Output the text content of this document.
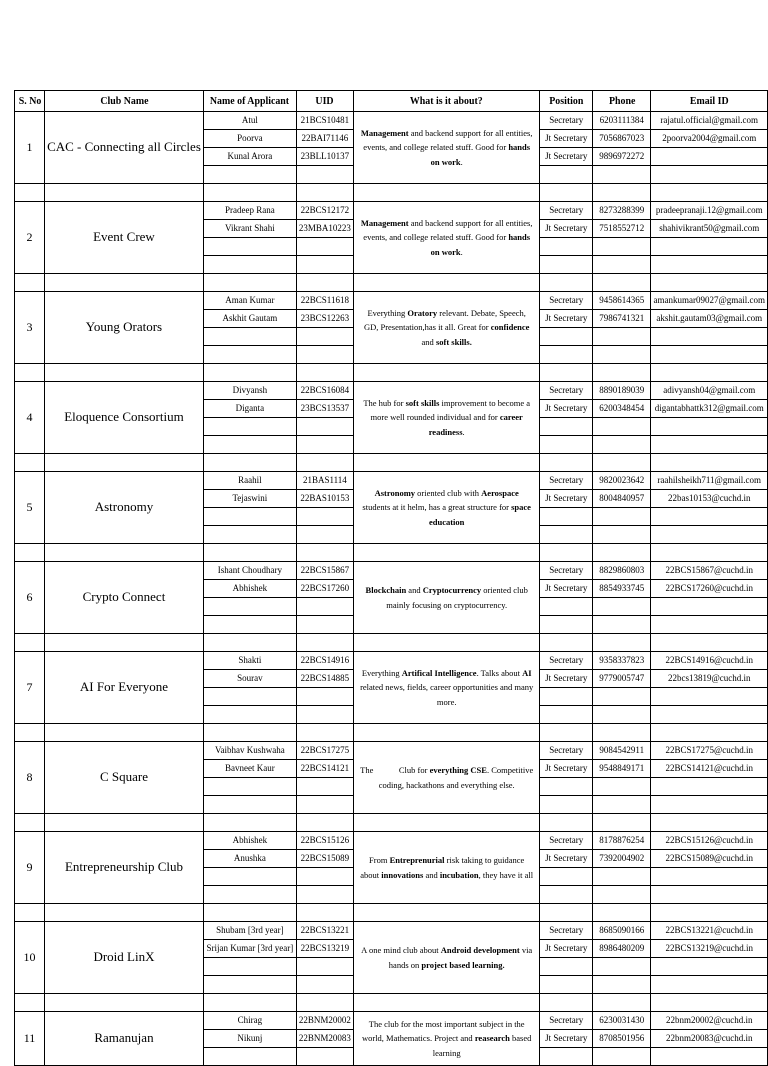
S. No	Club Name	Name of Applicant	UID	What is it about?	Position	Phone	Email ID
1	CAC - Connecting all Circles	Atul	21BCS10481	Management and backend support for all entities, events, and college related stuff. Good for hands on work.	Secretary	6203111384	rajatul.official@gmail.com
		Poorva	22BAI71146		Jt Secretary	7056867023	2poorva2004@gmail.com
		Kunal Arora	23BLL10137		Jt Secretary	9896972272	

2	Event Crew	Pradeep Rana	22BCS12172	Management and backend support for all entities, events, and college related stuff. Good for hands on work.	Secretary	8273288399	pradeepranaji.12@gmail.com
		Vikrant Shahi	23MBA10223		Jt Secretary	7518552712	shahivikrant50@gmail.com

3	Young Orators	Aman Kumar	22BCS11618	Everything Oratory relevant. Debate, Speech, GD, Presentation,has it all. Great for confidence and soft skills.	Secretary	9458614365	amankumar09027@gmail.com
		Askhit Gautam	23BCS12263		Jt Secretary	7986741321	akshit.gautam03@gmail.com

4	Eloquence Consortium	Divyansh	22BCS16084	The hub for soft skills improvement to become a more well rounded individual and for career readiness.	Secretary	8890189039	adivyansh04@gmail.com
		Diganta	23BCS13537		Jt Secretary	6200348454	digantabhattk312@gmail.com

5	Astronomy	Raahil	21BAS1114	Astronomy oriented club with Aerospace students at it helm, has a great structure for space education	Secretary	9820023642	raahilsheikh711@gmail.com
		Tejaswini	22BAS10153		Jt Secretary	8004840957	22bas10153@cuchd.in

6	Crypto Connect	Ishant Choudhary	22BCS15867	Blockchain and Cryptocurrency oriented club mainly focusing on cryptocurrency.	Secretary	8829860803	22BCS15867@cuchd.in
		Abhishek	22BCS17260		Jt Secretary	8854933745	22BCS17260@cuchd.in

7	AI For Everyone	Shakti	22BCS14916	Everything Artifical Intelligence. Talks about AI related news, fields, career opportunities and many more.	Secretary	9358337823	22BCS14916@cuchd.in
		Sourav	22BCS14885		Jt Secretary	9779005747	22bcs13819@cuchd.in

8	C Square	Vaibhav Kushwaha	22BCS17275	The            Club for everything CSE. Competitive coding, hackathons and everything else.	Secretary	9084542911	22BCS17275@cuchd.in
		Bavneet Kaur	22BCS14121		Jt Secretary	9548849171	22BCS14121@cuchd.in

9	Entrepreneurship Club	Abhishek	22BCS15126	From Entreprenurial risk taking to guidance about innovations and incubation, they have it all	Secretary	8178876254	22BCS15126@cuchd.in
		Anushka	22BCS15089		Jt Secretary	7392004902	22BCS15089@cuchd.in

10	Droid LinX	Shubam [3rd year]	22BCS13221	A one mind club about Android development via hands on project based learning.	Secretary	8685090166	22BCS13221@cuchd.in
		Srijan Kumar [3rd year]	22BCS13219		Jt Secretary	8986480209	22BCS13219@cuchd.in

11	Ramanujan	Chirag	22BNM20002	The club for the most important subject in the world, Mathematics. Project and reasearch based learning	Secretary	6230031430	22bnm20002@cuchd.in
		Nikunj	22BNM20083		Jt Secretary	8708501956	22bnm20083@cuchd.in
